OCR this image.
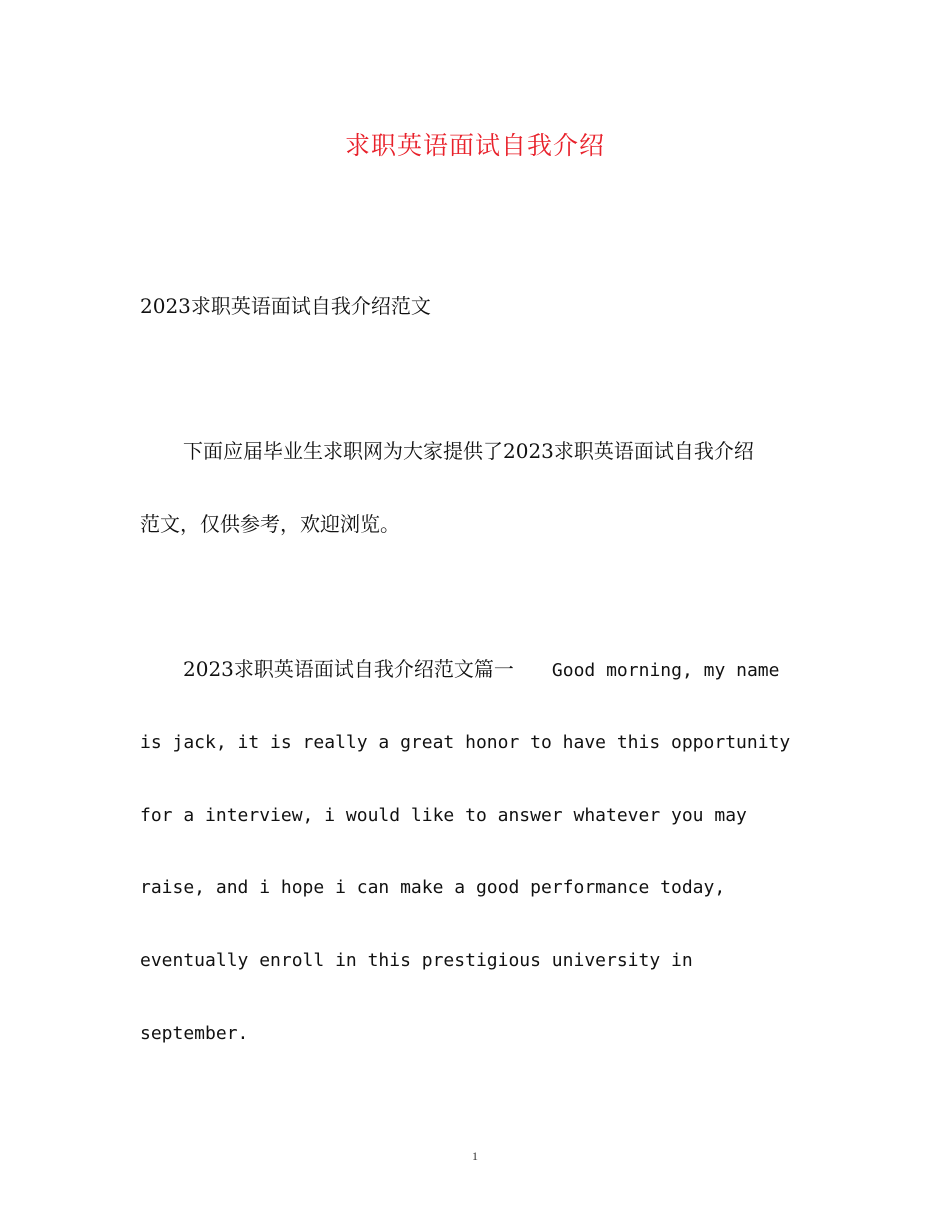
求职英语面试自我介绍
2023求职英语面试自我介绍范文
下面应届毕业生求职网为大家提供了2023求职英语面试自我介绍
范文，仅供参考，欢迎浏览。
2023求职英语面试自我介绍范文篇一 Good morning, my name
is jack, it is really a great honor to have this opportunity
for a interview, i would like to answer whatever you may
raise, and i hope i can make a good performance today,
eventually enroll in this prestigious university in
september.
1
